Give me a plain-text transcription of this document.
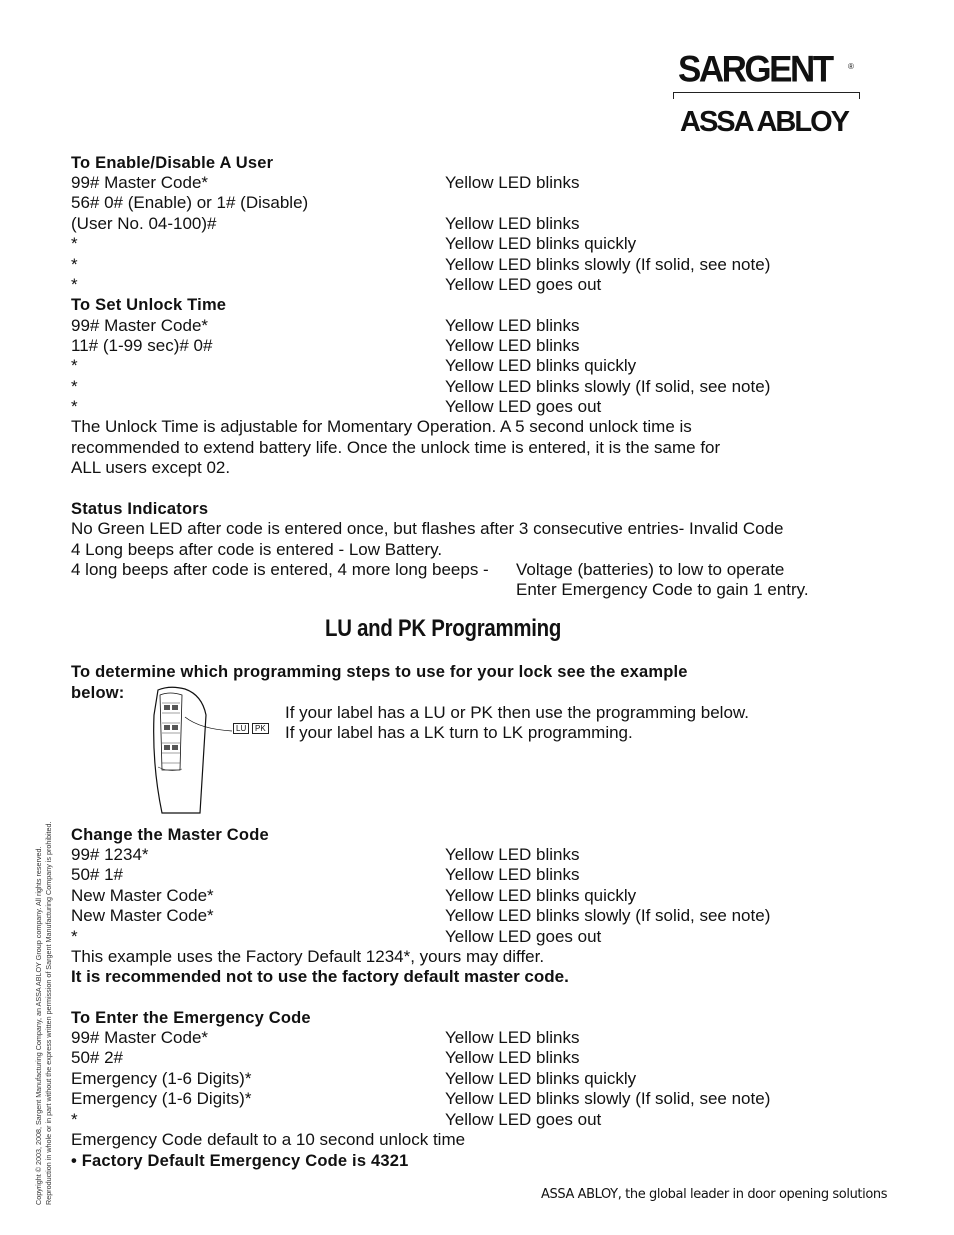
SARGENT ®
ASSA ABLOY
To Enable/Disable A User
99# Master Code*	Yellow LED blinks
56# 0# (Enable) or 1# (Disable)
(User No. 04-100)#	Yellow LED blinks
*	Yellow LED blinks quickly
*	Yellow LED blinks slowly (If solid, see note)
*	Yellow LED goes out
To Set Unlock Time
99# Master Code*	Yellow LED blinks
11# (1-99 sec)# 0#	Yellow LED blinks
*	Yellow LED blinks quickly
*	Yellow LED blinks slowly (If solid, see note)
*	Yellow LED goes out
The Unlock Time is adjustable for Momentary Operation. A 5 second unlock time is
recommended to extend battery life. Once the unlock time is entered, it is the same for
ALL users except 02.
Status Indicators
No Green LED after code is entered once, but flashes after 3 consecutive entries- Invalid Code
4 Long beeps after code is entered - Low Battery.
4 long beeps after code is entered, 4 more long beeps - Voltage (batteries) to low to operate
Enter Emergency Code to gain 1 entry.
LU and PK Programming
To determine which programming steps to use for your lock see the example
below:
LU	PK
If your label has a LU or PK then use the programming below.
If your label has a LK turn to LK programming.
Change the Master Code
99# 1234*	Yellow LED blinks
50# 1#	Yellow LED blinks
New Master Code*	Yellow LED blinks quickly
New Master Code*	Yellow LED blinks slowly (If solid, see note)
*	Yellow LED goes out
This example uses the Factory Default 1234*, yours may differ.
It is recommended not to use the factory default master code.
To Enter the Emergency Code
99# Master Code*	Yellow LED blinks
50# 2#	Yellow LED blinks
Emergency (1-6 Digits)*	Yellow LED blinks quickly
Emergency (1-6 Digits)*	Yellow LED blinks slowly (If solid, see note)
*	Yellow LED goes out
Emergency Code default to a 10 second unlock time
• Factory Default Emergency Code is 4321
Copyright © 2003, 2008, Sargent Manufacturing Company, an ASSA ABLOY Group company. All rights reserved. Reproduction in whole or in part without the express written permission of Sargent Manufacturing Company is prohibited.	ASSA ABLOY, the global leader in door opening solutions
